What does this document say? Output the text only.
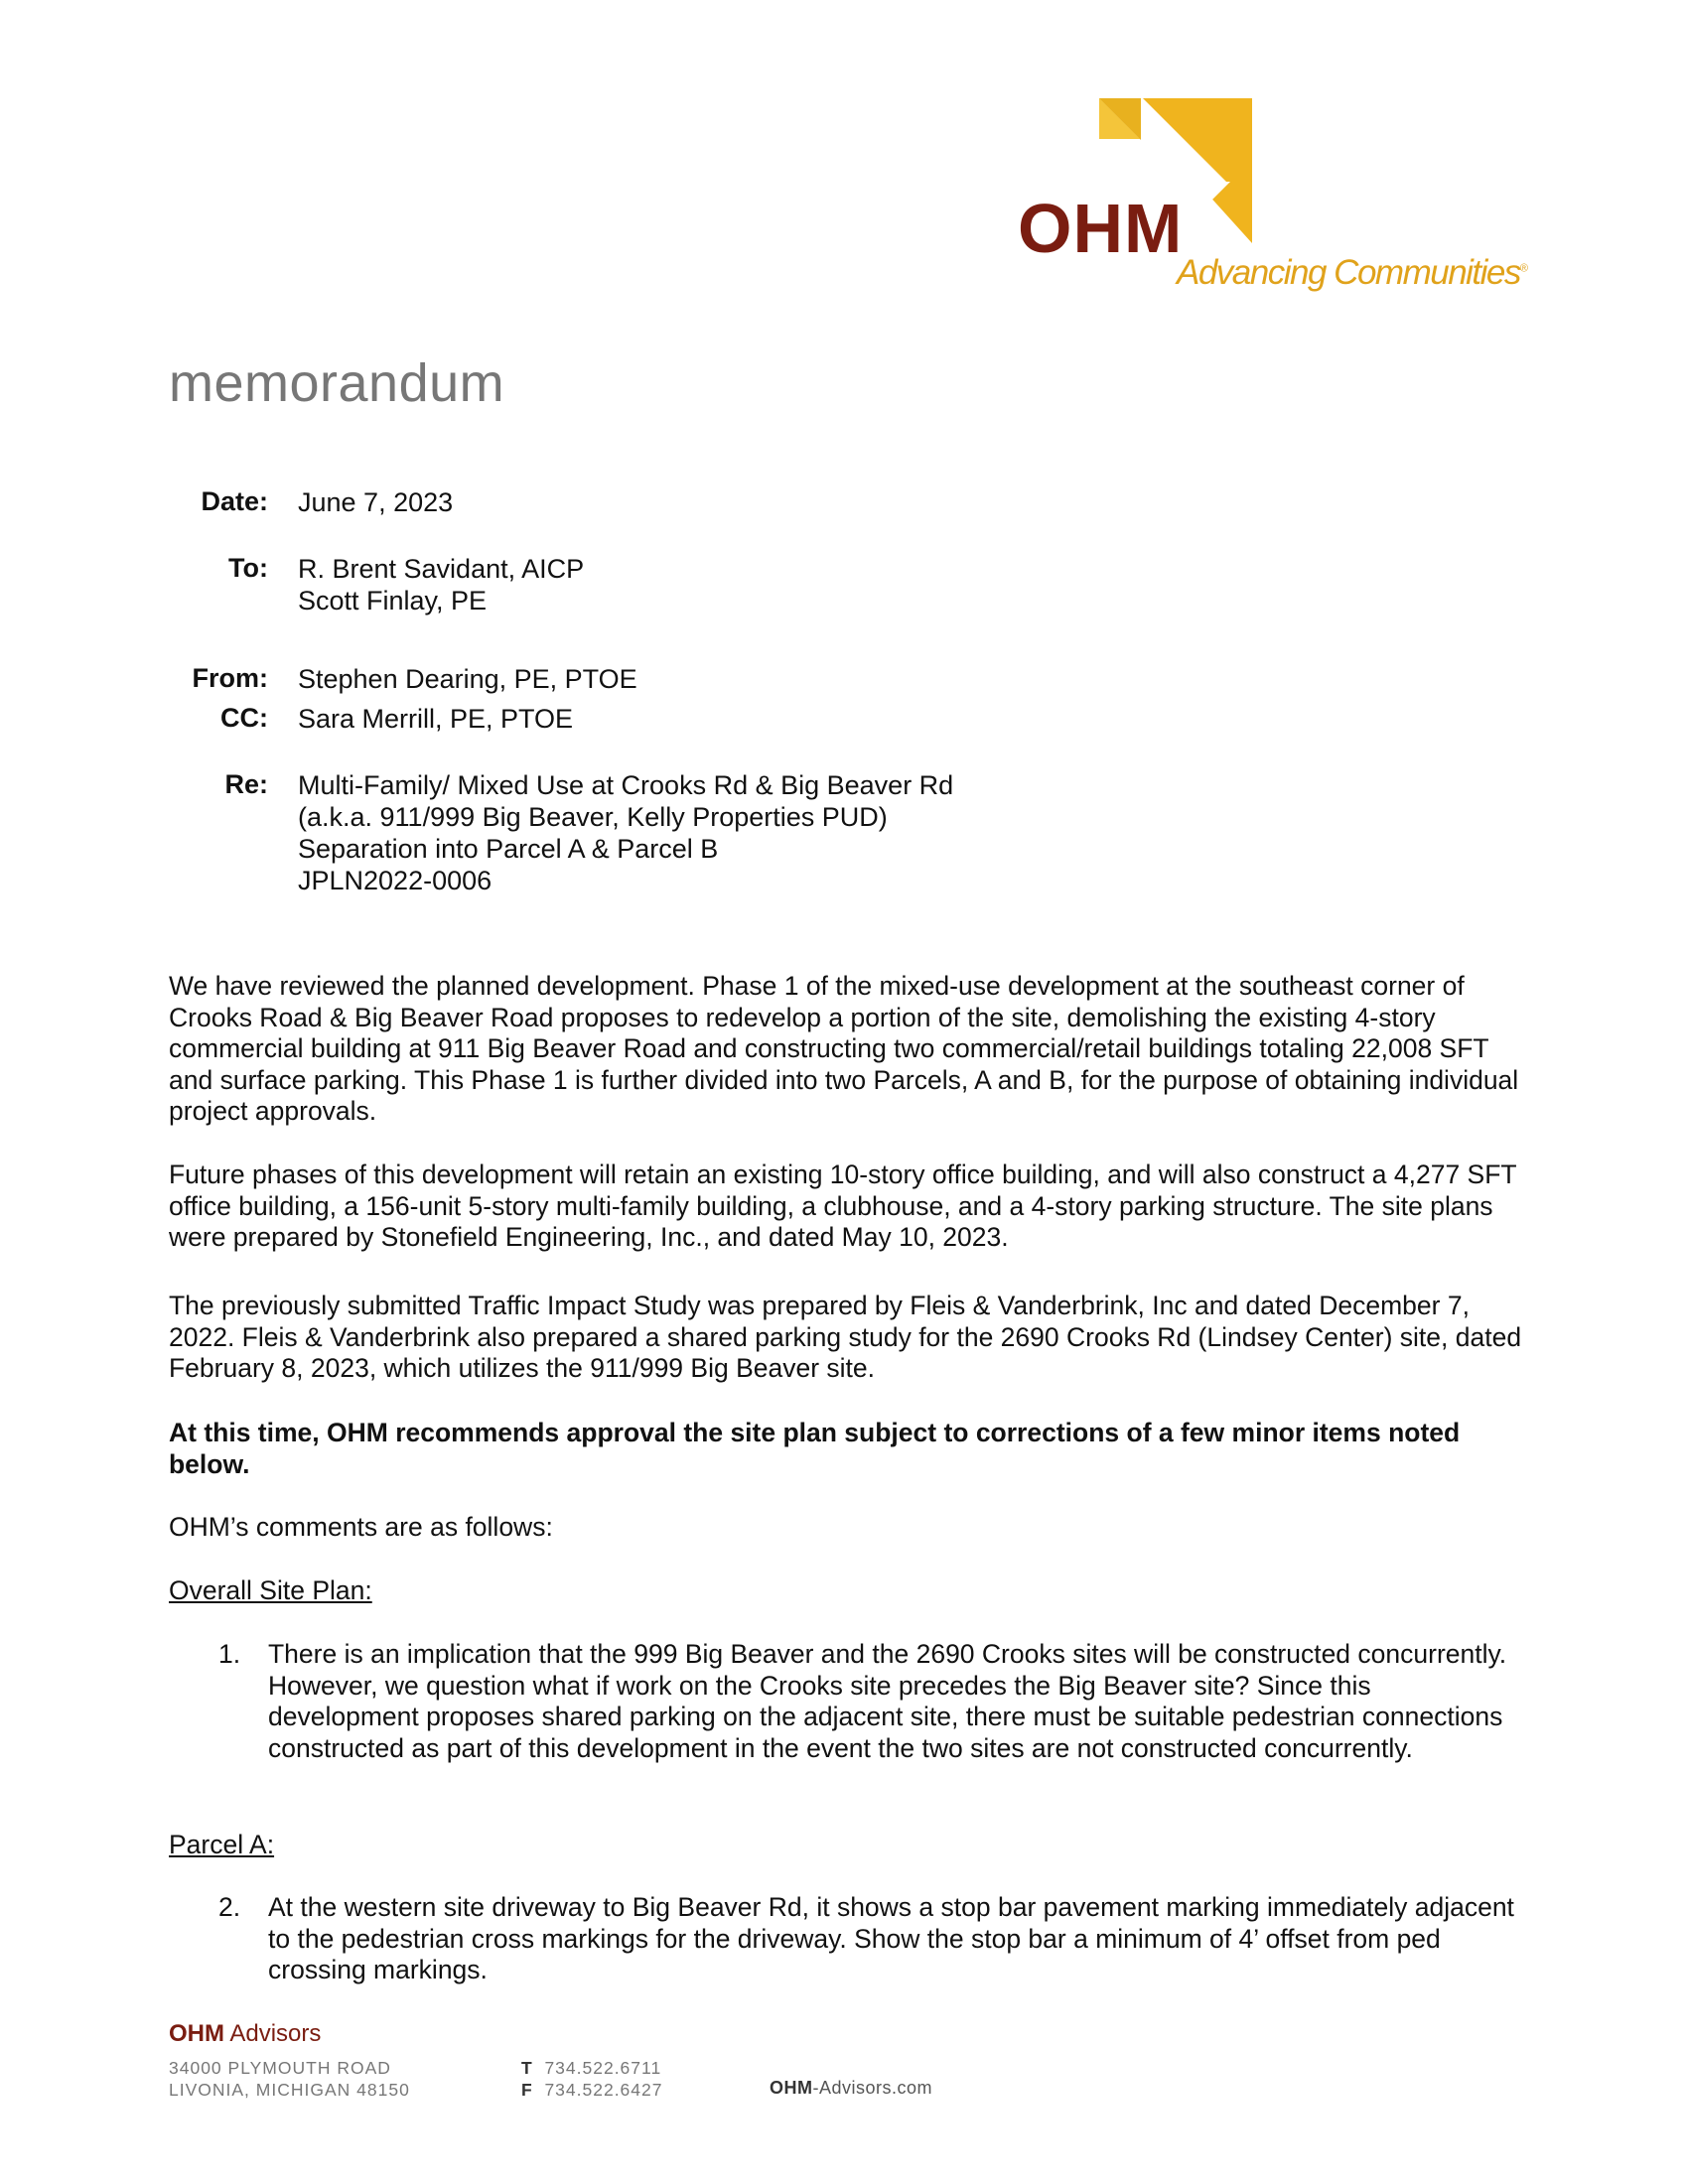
OHM
Advancing Communities®
memorandum
Date: June 7, 2023
To: R. Brent Savidant, AICP
Scott Finlay, PE
From: Stephen Dearing, PE, PTOE
CC: Sara Merrill, PE, PTOE
Re: Multi-Family/ Mixed Use at Crooks Rd & Big Beaver Rd
(a.k.a. 911/999 Big Beaver, Kelly Properties PUD)
Separation into Parcel A & Parcel B
JPLN2022-0006

We have reviewed the planned development. Phase 1 of the mixed-use development at the southeast corner of Crooks Road & Big Beaver Road proposes to redevelop a portion of the site, demolishing the existing 4-story commercial building at 911 Big Beaver Road and constructing two commercial/retail buildings totaling 22,008 SFT and surface parking. This Phase 1 is further divided into two Parcels, A and B, for the purpose of obtaining individual project approvals.

Future phases of this development will retain an existing 10-story office building, and will also construct a 4,277 SFT office building, a 156-unit 5-story multi-family building, a clubhouse, and a 4-story parking structure. The site plans were prepared by Stonefield Engineering, Inc., and dated May 10, 2023.

The previously submitted Traffic Impact Study was prepared by Fleis & Vanderbrink, Inc and dated December 7, 2022. Fleis & Vanderbrink also prepared a shared parking study for the 2690 Crooks Rd (Lindsey Center) site, dated February 8, 2023, which utilizes the 911/999 Big Beaver site.

At this time, OHM recommends approval the site plan subject to corrections of a few minor items noted below.

OHM’s comments are as follows:

Overall Site Plan:

1. There is an implication that the 999 Big Beaver and the 2690 Crooks sites will be constructed concurrently. However, we question what if work on the Crooks site precedes the Big Beaver site? Since this development proposes shared parking on the adjacent site, there must be suitable pedestrian connections constructed as part of this development in the event the two sites are not constructed concurrently.

Parcel A:

2. At the western site driveway to Big Beaver Rd, it shows a stop bar pavement marking immediately adjacent to the pedestrian cross markings for the driveway. Show the stop bar a minimum of 4’ offset from ped crossing markings.
OHM Advisors
34000 PLYMOUTH ROAD
LIVONIA, MICHIGAN 48150
T 734.522.6711
F 734.522.6427	OHM-Advisors.com
